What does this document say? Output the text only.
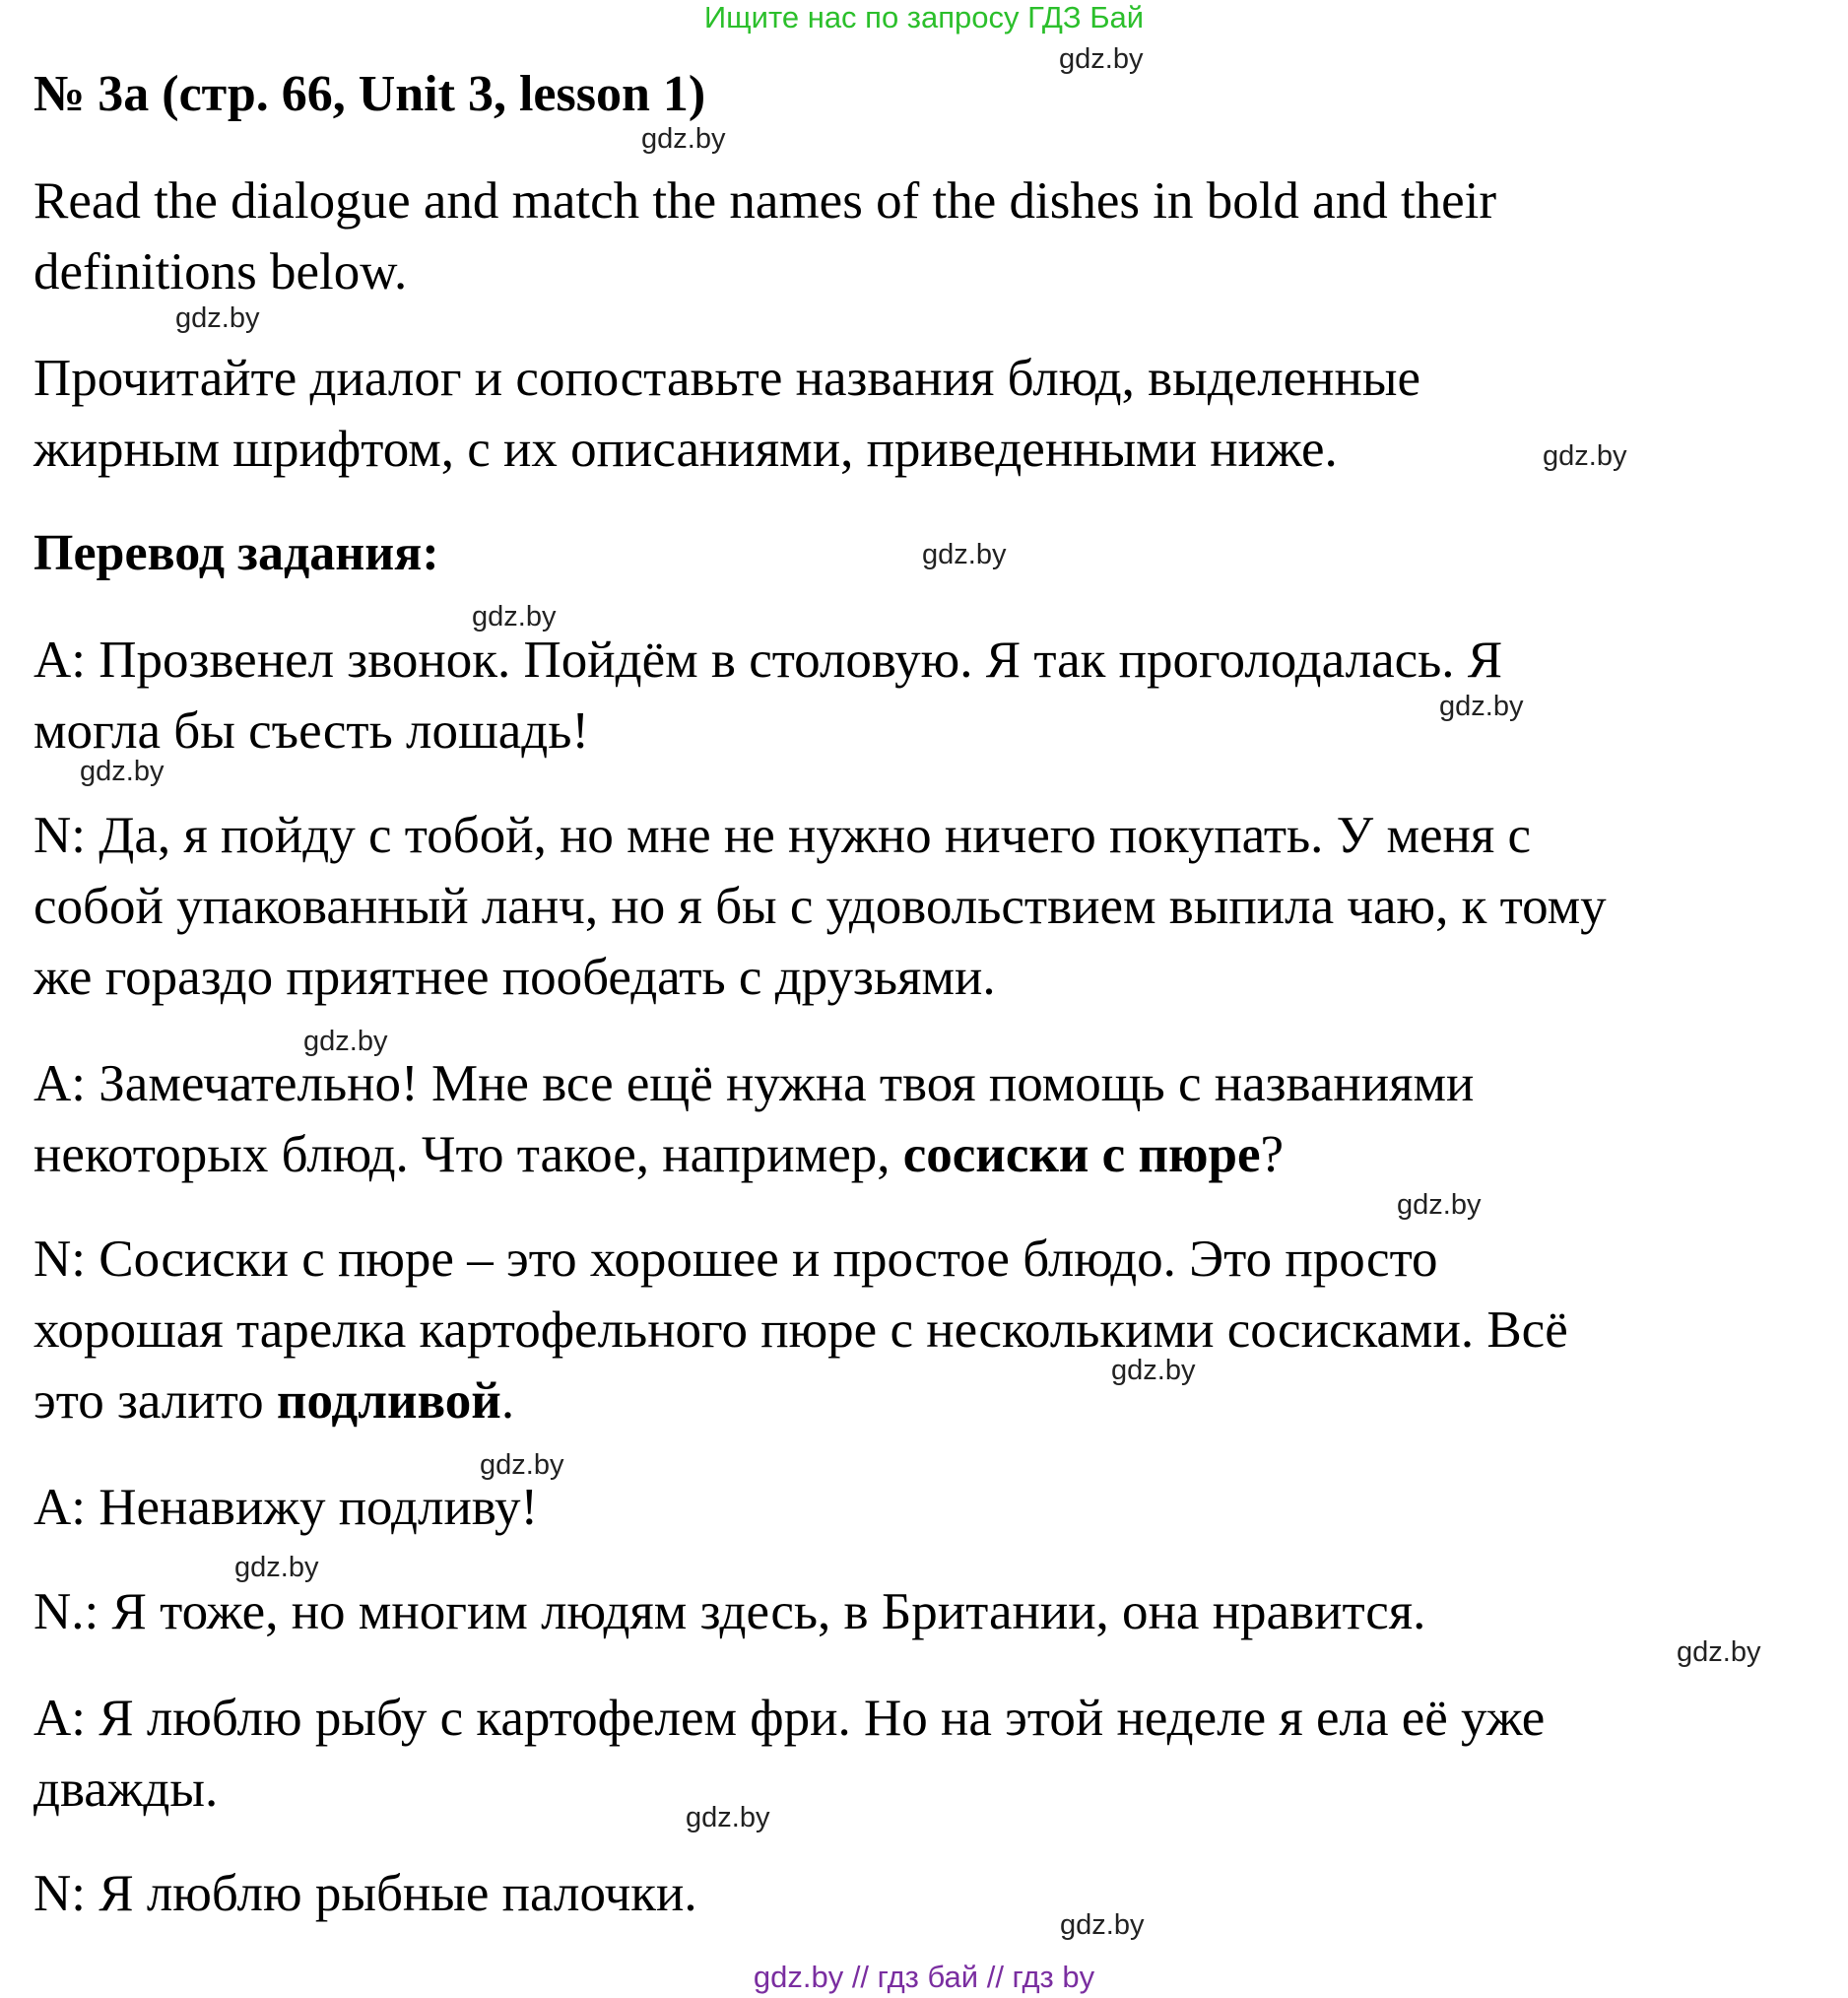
Ищите нас по запросу ГДЗ Бай
№ 3a (стр. 66, Unit 3, lesson 1)
Read the dialogue and match the names of the dishes in bold and their
definitions below.
Прочитайте диалог и сопоставьте названия блюд, выделенные
жирным шрифтом, с их описаниями, приведенными ниже.
Перевод задания:
А: Прозвенел звонок. Пойдём в столовую. Я так проголодалась. Я
могла бы съесть лошадь!
N: Да, я пойду с тобой, но мне не нужно ничего покупать. У меня с
собой упакованный ланч, но я бы с удовольствием выпила чаю, к тому
же гораздо приятнее пообедать с друзьями.
А: Замечательно! Мне все ещё нужна твоя помощь с названиями
некоторых блюд. Что такое, например, сосиски с пюре?
N: Сосиски с пюре – это хорошее и простое блюдо. Это просто
хорошая тарелка картофельного пюре с несколькими сосисками. Всё
это залито подливой.
А: Ненавижу подливу!
N.: Я тоже, но многим людям здесь, в Британии, она нравится.
А: Я люблю рыбу с картофелем фри. Но на этой неделе я ела её уже
дважды.
N: Я люблю рыбные палочки.
gdz.by
gdz.by
gdz.by
gdz.by
gdz.by
gdz.by
gdz.by
gdz.by
gdz.by
gdz.by
gdz.by
gdz.by
gdz.by
gdz.by
gdz.by
gdz.by
gdz.by // гдз бай // гдз by
